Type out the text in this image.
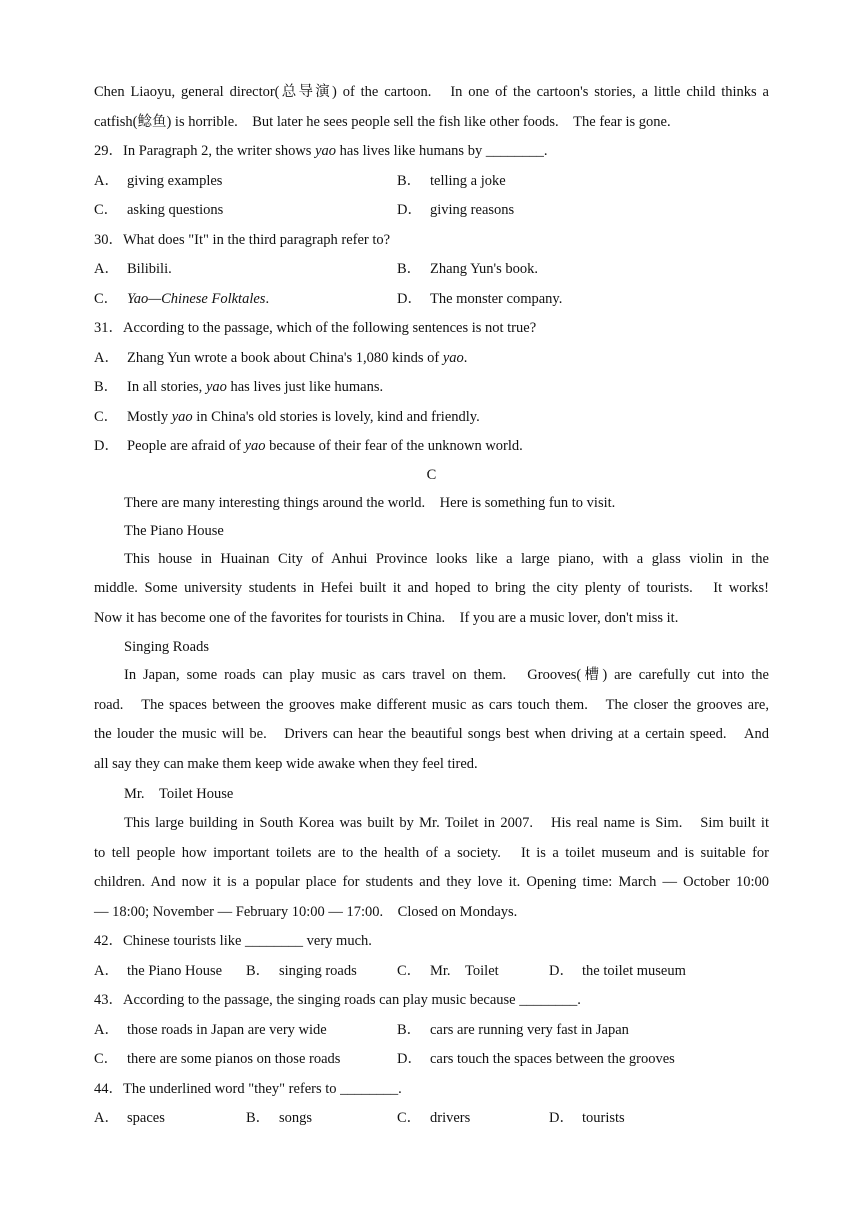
Chen Liaoyu, general director(总导演) of the cartoon.　In one of the cartoon's stories, a little child thinks a

catfish(鲶鱼) is horrible.　But later he sees people sell the fish like other foods.　The fear is gone.

29．In Paragraph 2, the writer shows yao has lives like humans by ________.

A． giving examples	B． telling a joke
C． asking questions	D． giving reasons

30．What does "It" in the third paragraph refer to?

A． Bilibili.	B． Zhang Yun's book.
C． Yao—Chinese Folktales.	D． The monster company.

31．According to the passage, which of the following sentences is not true?

A． Zhang Yun wrote a book about China's 1,080 kinds of yao.

B． In all stories, yao has lives just like humans.

C． Mostly yao in China's old stories is lovely, kind and friendly.

D． People are afraid of yao because of their fear of the unknown world.

C

There are many interesting things around the world.　Here is something fun to visit.

The Piano House

This house in Huainan City of Anhui Province looks like a large piano, with a glass violin in the

middle. Some university students in Hefei built it and hoped to bring the city plenty of tourists.　It works!

Now it has become one of the favorites for tourists in China.　If you are a music lover, don't miss it.

Singing Roads

In Japan, some roads can play music as cars travel on them.　Grooves(槽) are carefully cut into the

road.　The spaces between the grooves make different music as cars touch them.　The closer the grooves are,

the louder the music will be.　Drivers can hear the beautiful songs best when driving at a certain speed.　And

all say they can make them keep wide awake when they feel tired.

Mr.　Toilet House

This large building in South Korea was built by Mr. Toilet in 2007.　His real name is Sim.　Sim built it

to tell people how important toilets are to the health of a society.　It is a toilet museum and is suitable for

children. And now it is a popular place for students and they love it. Opening time: March — October 10:00

— 18:00; November — February 10:00 — 17:00.　Closed on Mondays.

42．Chinese tourists like ________ very much.

A． the Piano House	B． singing roads	C． Mr.　Toilet	D． the toilet museum

43．According to the passage, the singing roads can play music because ________.

A． those roads in Japan are very wide	B． cars are running very fast in Japan
C． there are some pianos on those roads	D． cars touch the spaces between the grooves

44．The underlined word "they" refers to ________.

A． spaces	B． songs	C． drivers	D． tourists
